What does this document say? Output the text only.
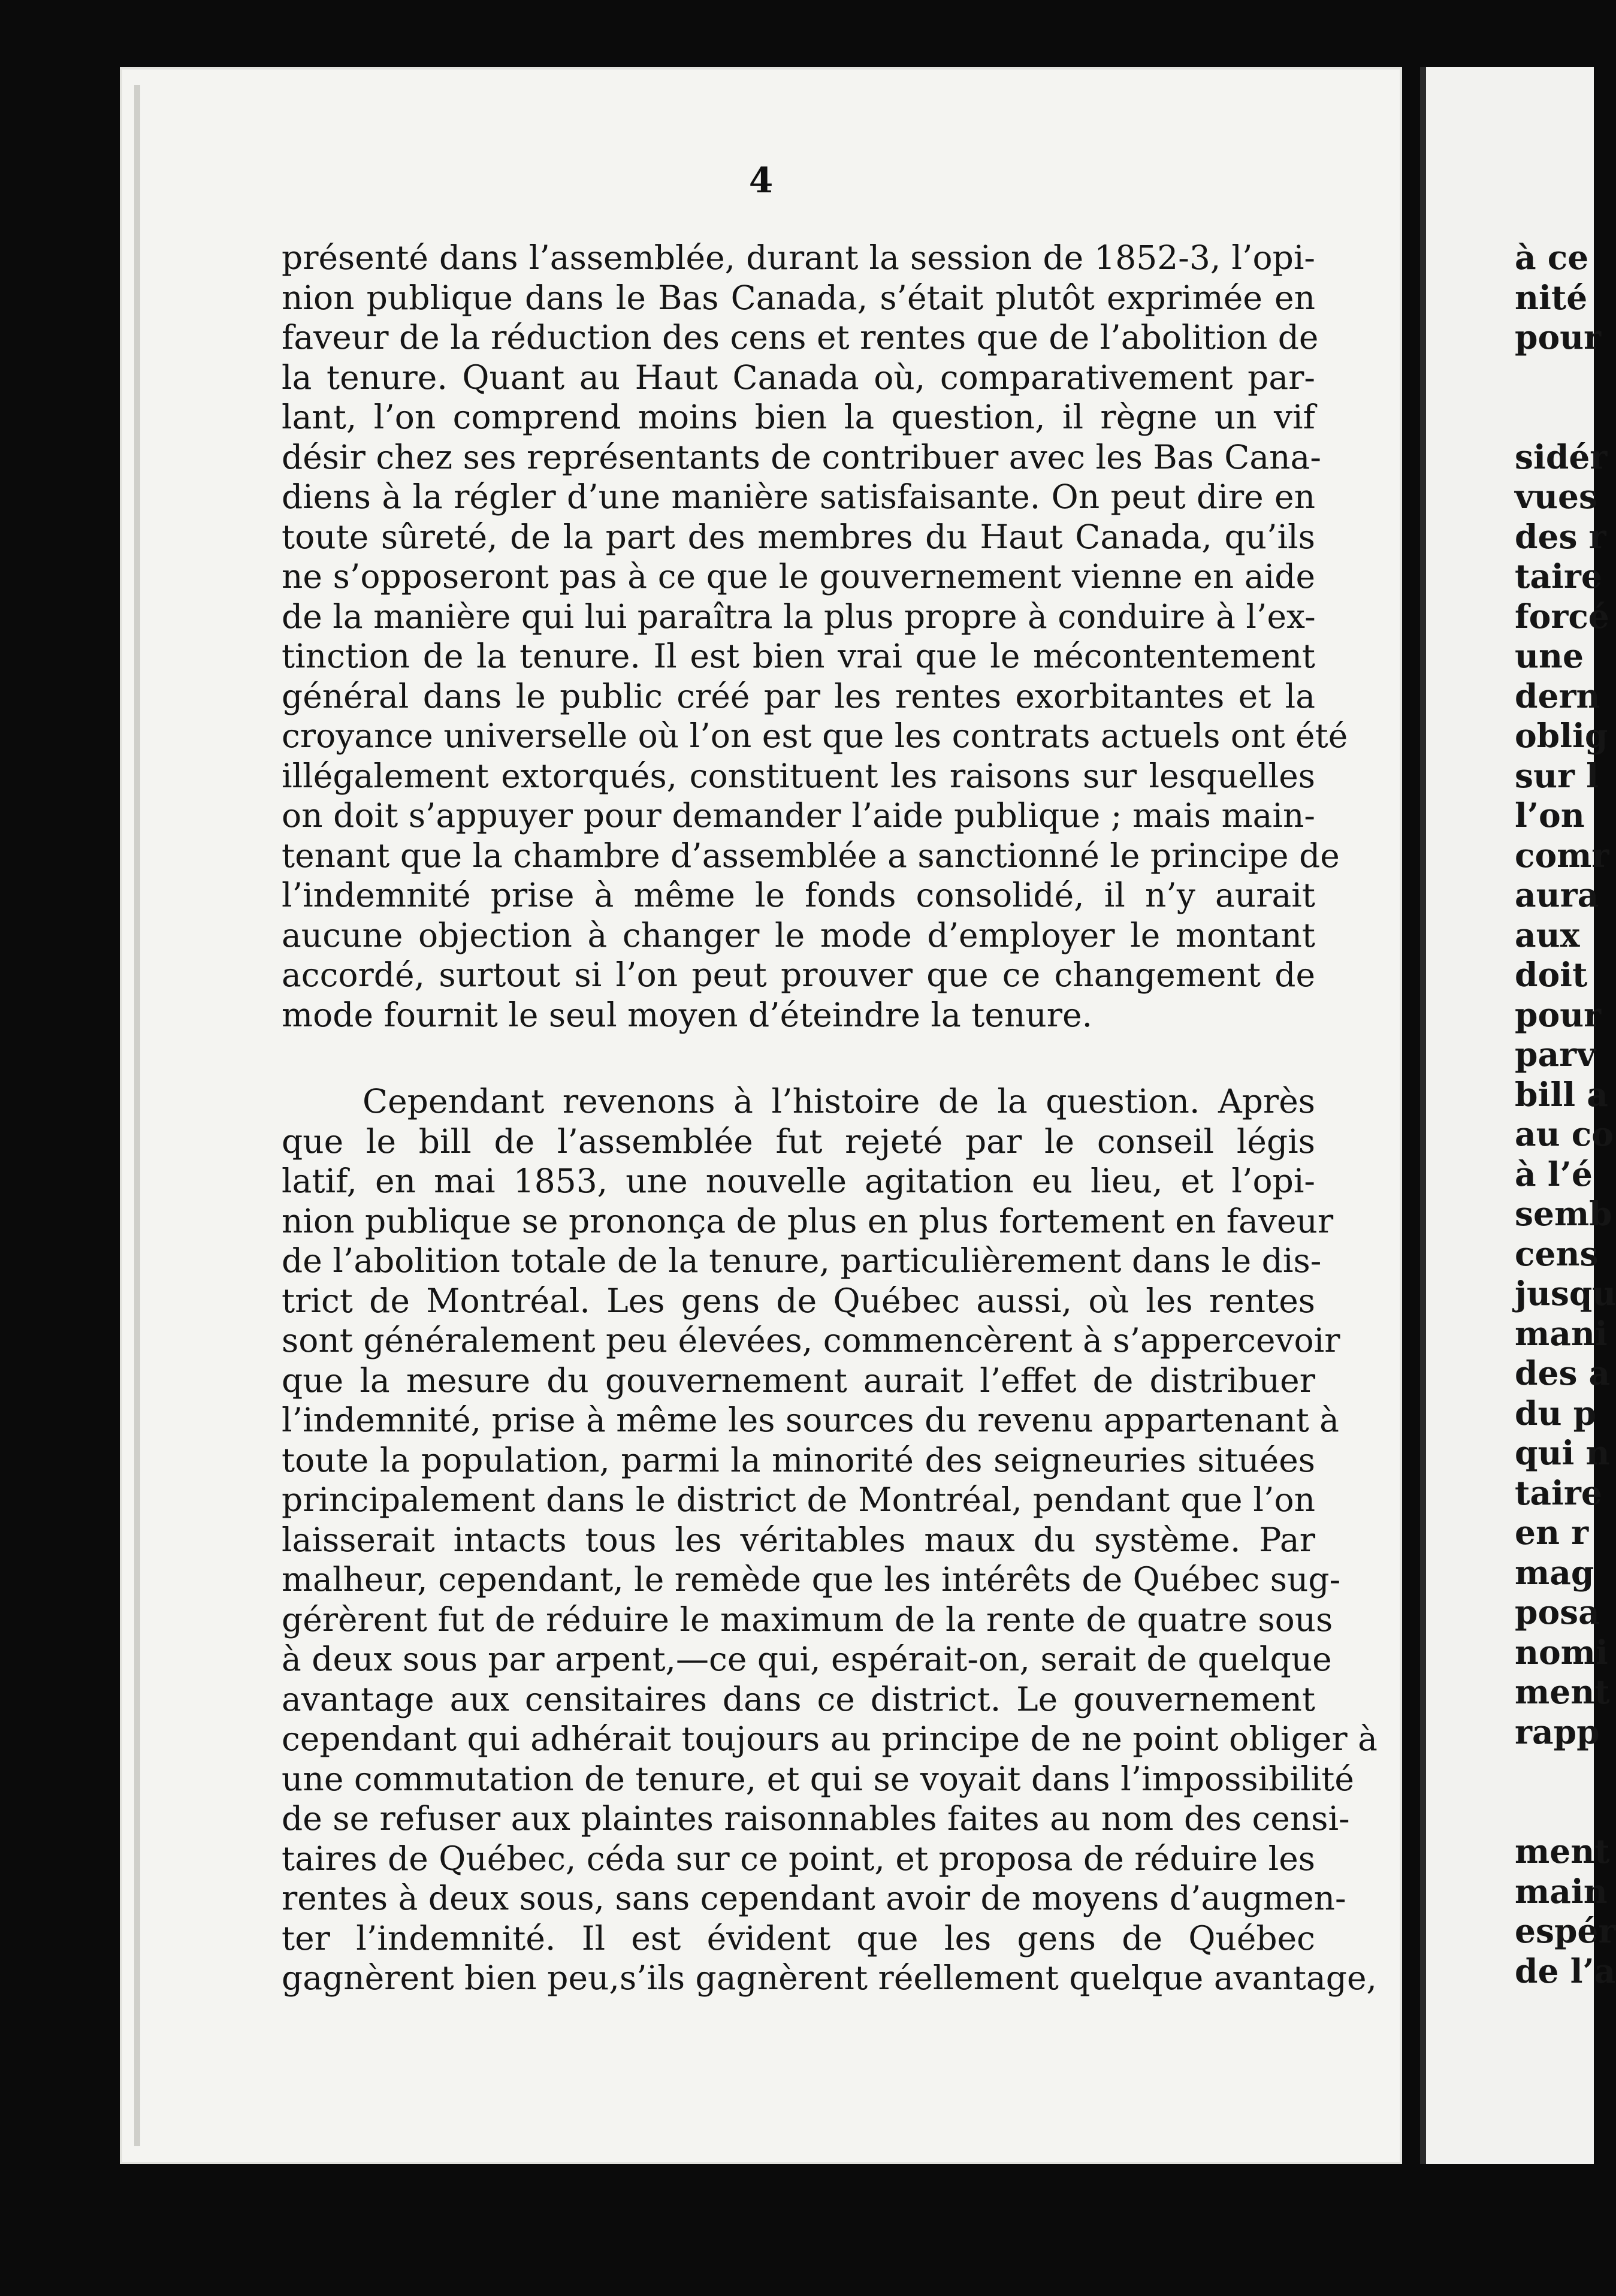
4

présenté dans l’assemblée, durant la session de 1852-3, l’opi-

nion publique dans le Bas Canada, s’était plutôt exprimée en

faveur de la réduction des cens et rentes que de l’abolition de

la tenure. Quant au Haut Canada où, comparativement par-

lant, l’on comprend moins bien la question, il règne un vif

désir chez ses représentants de contribuer avec les Bas Cana-

diens à la régler d’une manière satisfaisante. On peut dire en

toute sûreté, de la part des membres du Haut Canada, qu’ils

ne s’opposeront pas à ce que le gouvernement vienne en aide

de la manière qui lui paraîtra la plus propre à conduire à l’ex-

tinction de la tenure. Il est bien vrai que le mécontentement

général dans le public créé par les rentes exorbitantes et la

croyance universelle où l’on est que les contrats actuels ont été

illégalement extorqués, constituent les raisons sur lesquelles

on doit s’appuyer pour demander l’aide publique ; mais main-

tenant que la chambre d’assemblée a sanctionné le principe de

l’indemnité prise à même le fonds consolidé, il n’y aurait

aucune objection à changer le mode d’employer le montant

accordé, surtout si l’on peut prouver que ce changement de

mode fournit le seul moyen d’éteindre la tenure.

Cependant revenons à l’histoire de la question. Après

que le bill de l’assemblée fut rejeté par le conseil légis

latif, en mai 1853, une nouvelle agitation eu lieu, et l’opi-

nion publique se prononça de plus en plus fortement en faveur

de l’abolition totale de la tenure, particulièrement dans le dis-

trict de Montréal. Les gens de Québec aussi, où les rentes

sont généralement peu élevées, commencèrent à s’appercevoir

que la mesure du gouvernement aurait l’effet de distribuer

l’indemnité, prise à même les sources du revenu appartenant à

toute la population, parmi la minorité des seigneuries situées

principalement dans le district de Montréal, pendant que l’on

laisserait intacts tous les véritables maux du système. Par

malheur, cependant, le remède que les intérêts de Québec sug-

gérèrent fut de réduire le maximum de la rente de quatre sous

à deux sous par arpent,—ce qui, espérait-on, serait de quelque

avantage aux censitaires dans ce district. Le gouvernement

cependant qui adhérait toujours au principe de ne point obliger à

une commutation de tenure, et qui se voyait dans l’impossibilité

de se refuser aux plaintes raisonnables faites au nom des censi-

taires de Québec, céda sur ce point, et proposa de réduire les

rentes à deux sous, sans cependant avoir de moyens d’augmen-

ter l’indemnité. Il est évident que les gens de Québec

gagnèrent bien peu,s’ils gagnèrent réellement quelque avantage,

à ce
nité
pour
sidér
vues
des r
taire
forcé
une
dern
oblig
sur l
l’on
comr
aura
aux
doit
pour
parv
bill a
au co
à l’é
semb
cens
jusqu
mani
des a
du p
qui n
taire
en r
mag
posa
nomi
ment
rapp
ment
main
espér
de l’a
